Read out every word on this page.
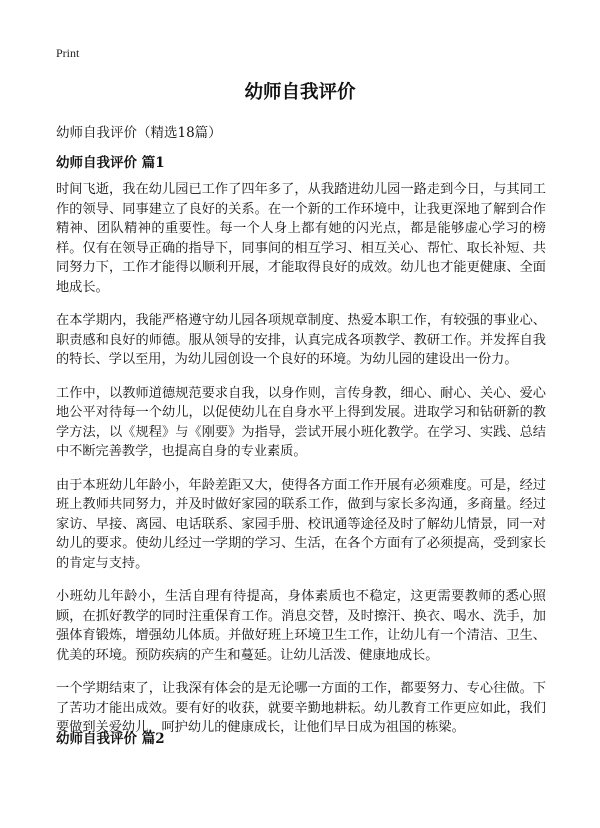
Print
幼师自我评价
幼师自我评价（精选18篇）
幼师自我评价 篇1

时间飞逝，我在幼儿园已工作了四年多了，从我踏进幼儿园一路走到今日，与其同工作的领导、同事建立了良好的关系。在一个新的工作环境中，让我更深地了解到合作精神、团队精神的重要性。每一个人身上都有她的闪光点，都是能够虚心学习的榜样。仅有在领导正确的指导下，同事间的相互学习、相互关心、帮忙、取长补短、共同努力下，工作才能得以顺利开展，才能取得良好的成效。幼儿也才能更健康、全面地成长。

在本学期内，我能严格遵守幼儿园各项规章制度、热爱本职工作，有较强的事业心、职责感和良好的师德。服从领导的安排，认真完成各项教学、教研工作。并发挥自我的特长、学以至用，为幼儿园创设一个良好的环境。为幼儿园的建设出一份力。

工作中，以教师道德规范要求自我，以身作则，言传身教，细心、耐心、关心、爱心地公平对待每一个幼儿，以促使幼儿在自身水平上得到发展。进取学习和钻研新的教学方法，以《规程》与《刚要》为指导，尝试开展小班化教学。在学习、实践、总结中不断完善教学，也提高自身的专业素质。

由于本班幼儿年龄小，年龄差距又大，使得各方面工作开展有必须难度。可是，经过班上教师共同努力，并及时做好家园的联系工作，做到与家长多沟通，多商量。经过家访、早接、离园、电话联系、家园手册、校讯通等途径及时了解幼儿情景，同一对幼儿的要求。使幼儿经过一学期的学习、生活，在各个方面有了必须提高，受到家长的肯定与支持。

小班幼儿年龄小，生活自理有待提高，身体素质也不稳定，这更需要教师的悉心照顾，在抓好教学的同时注重保育工作。消息交替，及时擦汗、换衣、喝水、洗手，加强体育锻炼，增强幼儿体质。并做好班上环境卫生工作，让幼儿有一个清洁、卫生、优美的环境。预防疾病的产生和蔓延。让幼儿活泼、健康地成长。

一个学期结束了，让我深有体会的是无论哪一方面的工作，都要努力、专心往做。下了苦功才能出成效。要有好的收获，就要辛勤地耕耘。幼儿教育工作更应如此，我们要做到关爱幼儿，呵护幼儿的健康成长，让他们早日成为祖国的栋梁。

幼师自我评价 篇2
